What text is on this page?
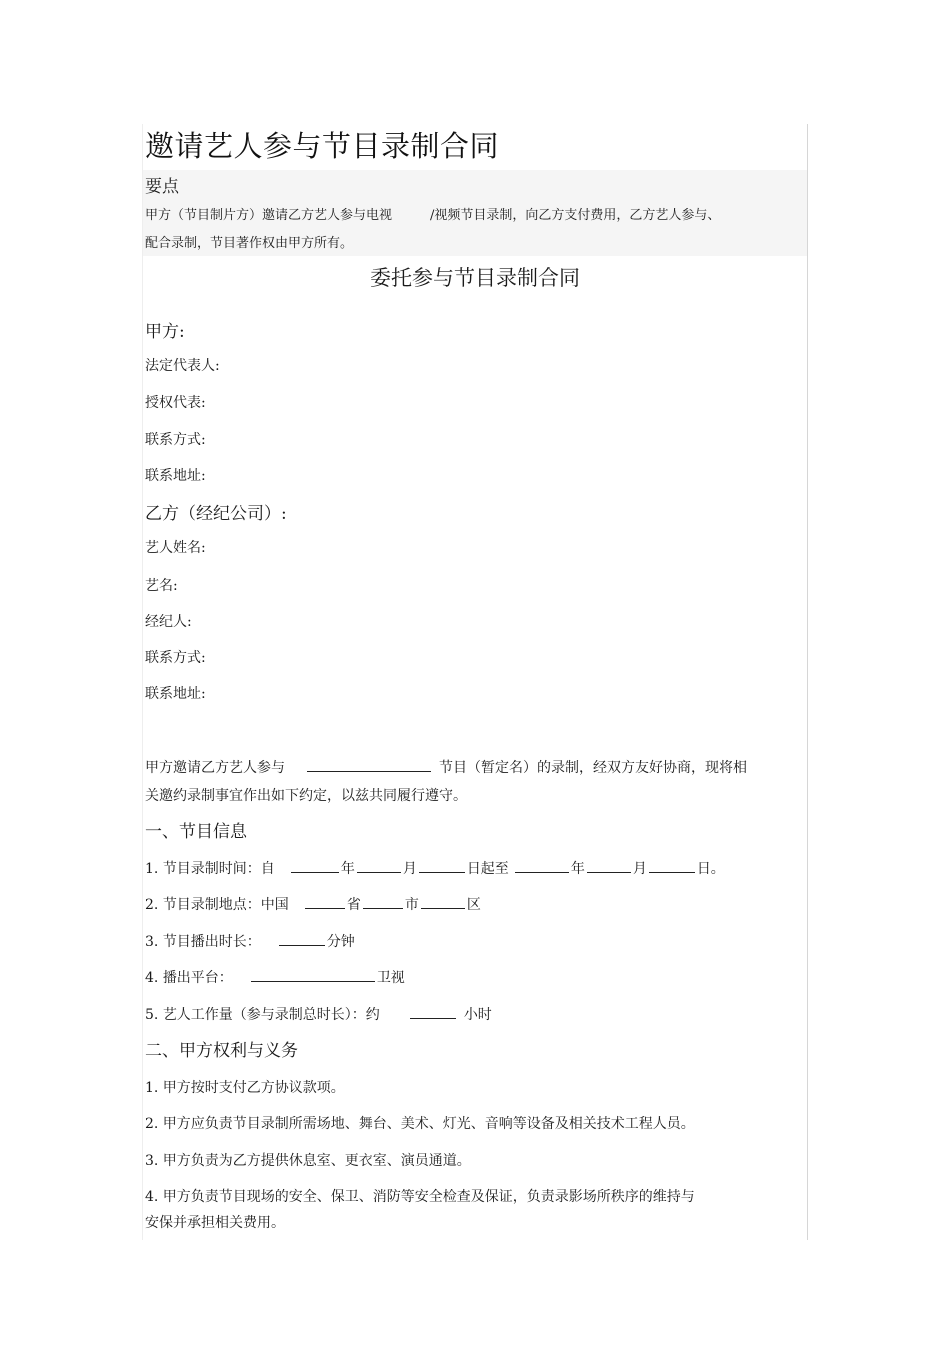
邀请艺人参与节目录制合同
要点
甲方（节目制片方）邀请乙方艺人参与电视	/视频节目录制，向乙方支付费用，乙方艺人参与、
配合录制，节目著作权由甲方所有。
委托参与节目录制合同
甲方:
法定代表人:
授权代表:
联系方式:
联系地址:
乙方（经纪公司）:
艺人姓名:
艺名:
经纪人:
联系方式:
联系地址:
甲方邀请乙方艺人参与	节目（暂定名）的录制，经双方友好协商，现将相
关邀约录制事宜作出如下约定，以兹共同履行遵守。
一、节目信息
1. 节目录制时间：自	年	月	日起至	年	月	日。
2. 节目录制地点：中国	省	市	区
3. 节目播出时长：	分钟
4. 播出平台：	卫视
5. 艺人工作量（参与录制总时长）：约	小时
二、甲方权利与义务
1. 甲方按时支付乙方协议款项。
2. 甲方应负责节目录制所需场地、舞台、美术、灯光、音响等设备及相关技术工程人员。
3. 甲方负责为乙方提供休息室、更衣室、演员通道。
4. 甲方负责节目现场的安全、保卫、消防等安全检查及保证，负责录影场所秩序的维持与
安保并承担相关费用。
